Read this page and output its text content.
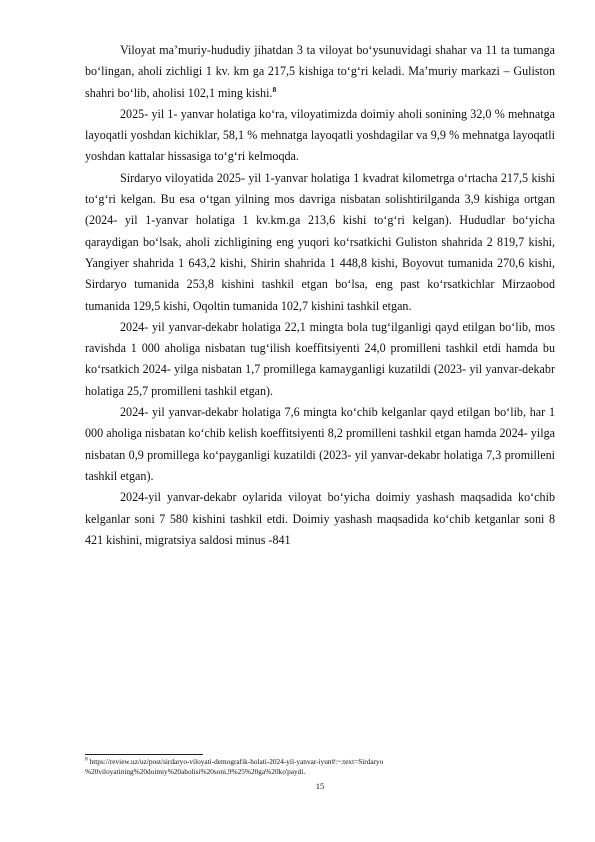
Viloyat ma’muriy-hududiy jihatdan 3 ta viloyat bo‘ysunuvidagi shahar va 11 ta tumanga bo‘lingan, aholi zichligi 1 kv. km ga 217,5 kishiga to‘g‘ri keladi. Ma’muriy markazi – Guliston shahri bo‘lib, aholisi 102,1 ming kishi.$^8$

2025- yil 1- yanvar holatiga ko‘ra, viloyatimizda doimiy aholi sonining 32,0 % mehnatga layoqatli yoshdan kichiklar, 58,1 % mehnatga layoqatli yoshdagilar va 9,9 % mehnatga layoqatli yoshdan kattalar hissasiga to‘g‘ri kelmoqda.

Sirdaryo viloyatida 2025- yil 1-yanvar holatiga 1 kvadrat kilometrga o‘rtacha 217,5 kishi to‘g‘ri kelgan. Bu esa o‘tgan yilning mos davriga nisbatan solishtirilganda 3,9 kishiga ortgan (2024- yil 1-yanvar holatiga 1 kv.km.ga 213,6 kishi to‘g‘ri kelgan). Hududlar bo‘yicha qaraydigan bo‘lsak, aholi zichligining eng yuqori ko‘rsatkichi Guliston shahrida 2 819,7 kishi, Yangiyer shahrida 1 643,2 kishi, Shirin shahrida 1 448,8 kishi, Boyovut tumanida 270,6 kishi, Sirdaryo tumanida 253,8 kishini tashkil etgan bo‘lsa, eng past ko‘rsatkichlar Mirzaobod tumanida 129,5 kishi, Oqoltin tumanida 102,7 kishini tashkil etgan.

2024- yil yanvar-dekabr holatiga 22,1 mingta bola tug‘ilganligi qayd etilgan bo‘lib, mos ravishda 1 000 aholiga nisbatan tug‘ilish koeffitsiyenti 24,0 promilleni tashkil etdi hamda bu ko‘rsatkich 2024- yilga nisbatan 1,7 promillega kamayganligi kuzatildi (2023- yil yanvar-dekabr holatiga 25,7 promilleni tashkil etgan).

2024- yil yanvar-dekabr holatiga 7,6 mingta ko‘chib kelganlar qayd etilgan bo‘lib, har 1 000 aholiga nisbatan ko‘chib kelish koeffitsiyenti 8,2 promilleni tashkil etgan hamda 2024- yilga nisbatan 0,9 promillega ko‘payganligi kuzatildi (2023- yil yanvar-dekabr holatiga 7,3 promilleni tashkil etgan).

2024-yil yanvar-dekabr oylarida viloyat bo‘yicha doimiy yashash maqsadida ko‘chib kelganlar soni 7 580 kishini tashkil etdi. Doimiy yashash maqsadida ko‘chib ketganlar soni 8 421 kishini, migratsiya saldosi minus -841

$^8$ https://review.uz/uz/post/sirdaryo-viloyati-demografik-holati-2024-yil-yanvar-iyun#:~:text=Sirdaryo %20viloyatining%20doimiy%20aholisi%20soni,9%25%20ga%20ko'paydi.
15
